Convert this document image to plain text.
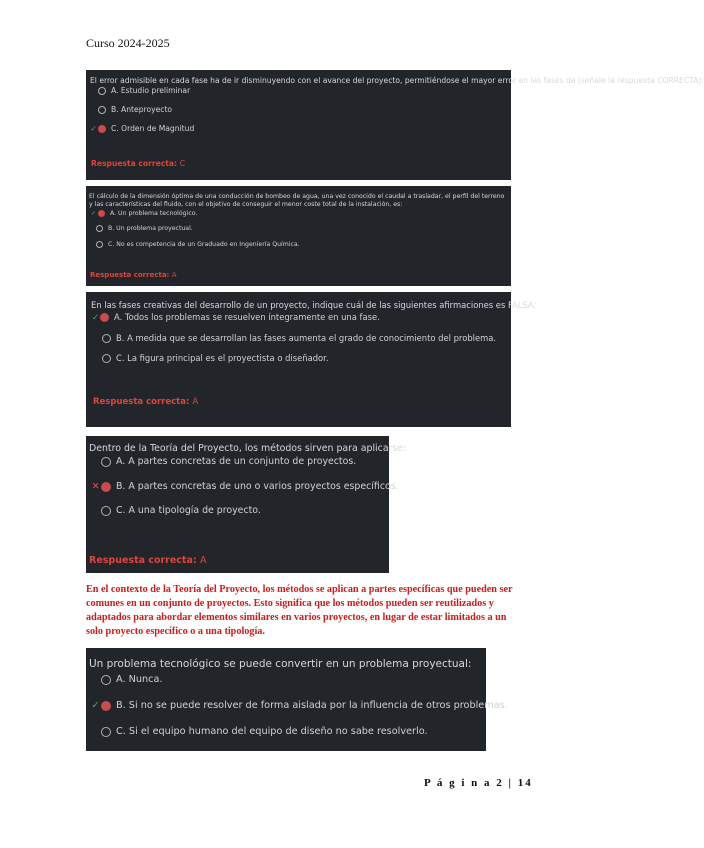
Curso 2024-2025
El error admisible en cada fase ha de ir disminuyendo con el avance del proyecto, permitiéndose el mayor error en las fases de (señale la respuesta CORRECTA):
A. Estudio preliminar
B. Anteproyecto
✓ C. Orden de Magnitud
Respuesta correcta: C
El cálculo de la dimensión óptima de una conducción de bombeo de agua, una vez conocido el caudal a trasladar, el perfil del terreno y las características del fluido, con el objetivo de conseguir el menor coste total de la instalación, es:
✓	A. Un problema tecnológico.
B. Un problema proyectual.
C. No es competencia de un Graduado en Ingeniería Química.
Respuesta correcta: A
En las fases creativas del desarrollo de un proyecto, indique cuál de las siguientes afirmaciones es FALSA:
✓ A. Todos los problemas se resuelven íntegramente en una fase.
B. A medida que se desarrollan las fases aumenta el grado de conocimiento del problema.
C. La figura principal es el proyectista o diseñador.
Respuesta correcta: A
Dentro de la Teoría del Proyecto, los métodos sirven para aplicarse:
A. A partes concretas de un conjunto de proyectos.
✕ B. A partes concretas de uno o varios proyectos específicos.
C. A una tipología de proyecto.
Respuesta correcta: A
En el contexto de la Teoría del Proyecto, los métodos se aplican a partes específicas que pueden ser comunes en un conjunto de proyectos. Esto significa que los métodos pueden ser reutilizados y adaptados para abordar elementos similares en varios proyectos, en lugar de estar limitados a un solo proyecto específico o a una tipología.
Un problema tecnológico se puede convertir en un problema proyectual:
A. Nunca.
✓ B. Si no se puede resolver de forma aislada por la influencia de otros problemas.
C. Si el equipo humano del equipo de diseño no sabe resolverlo.
P á g i n a 2 | 14
